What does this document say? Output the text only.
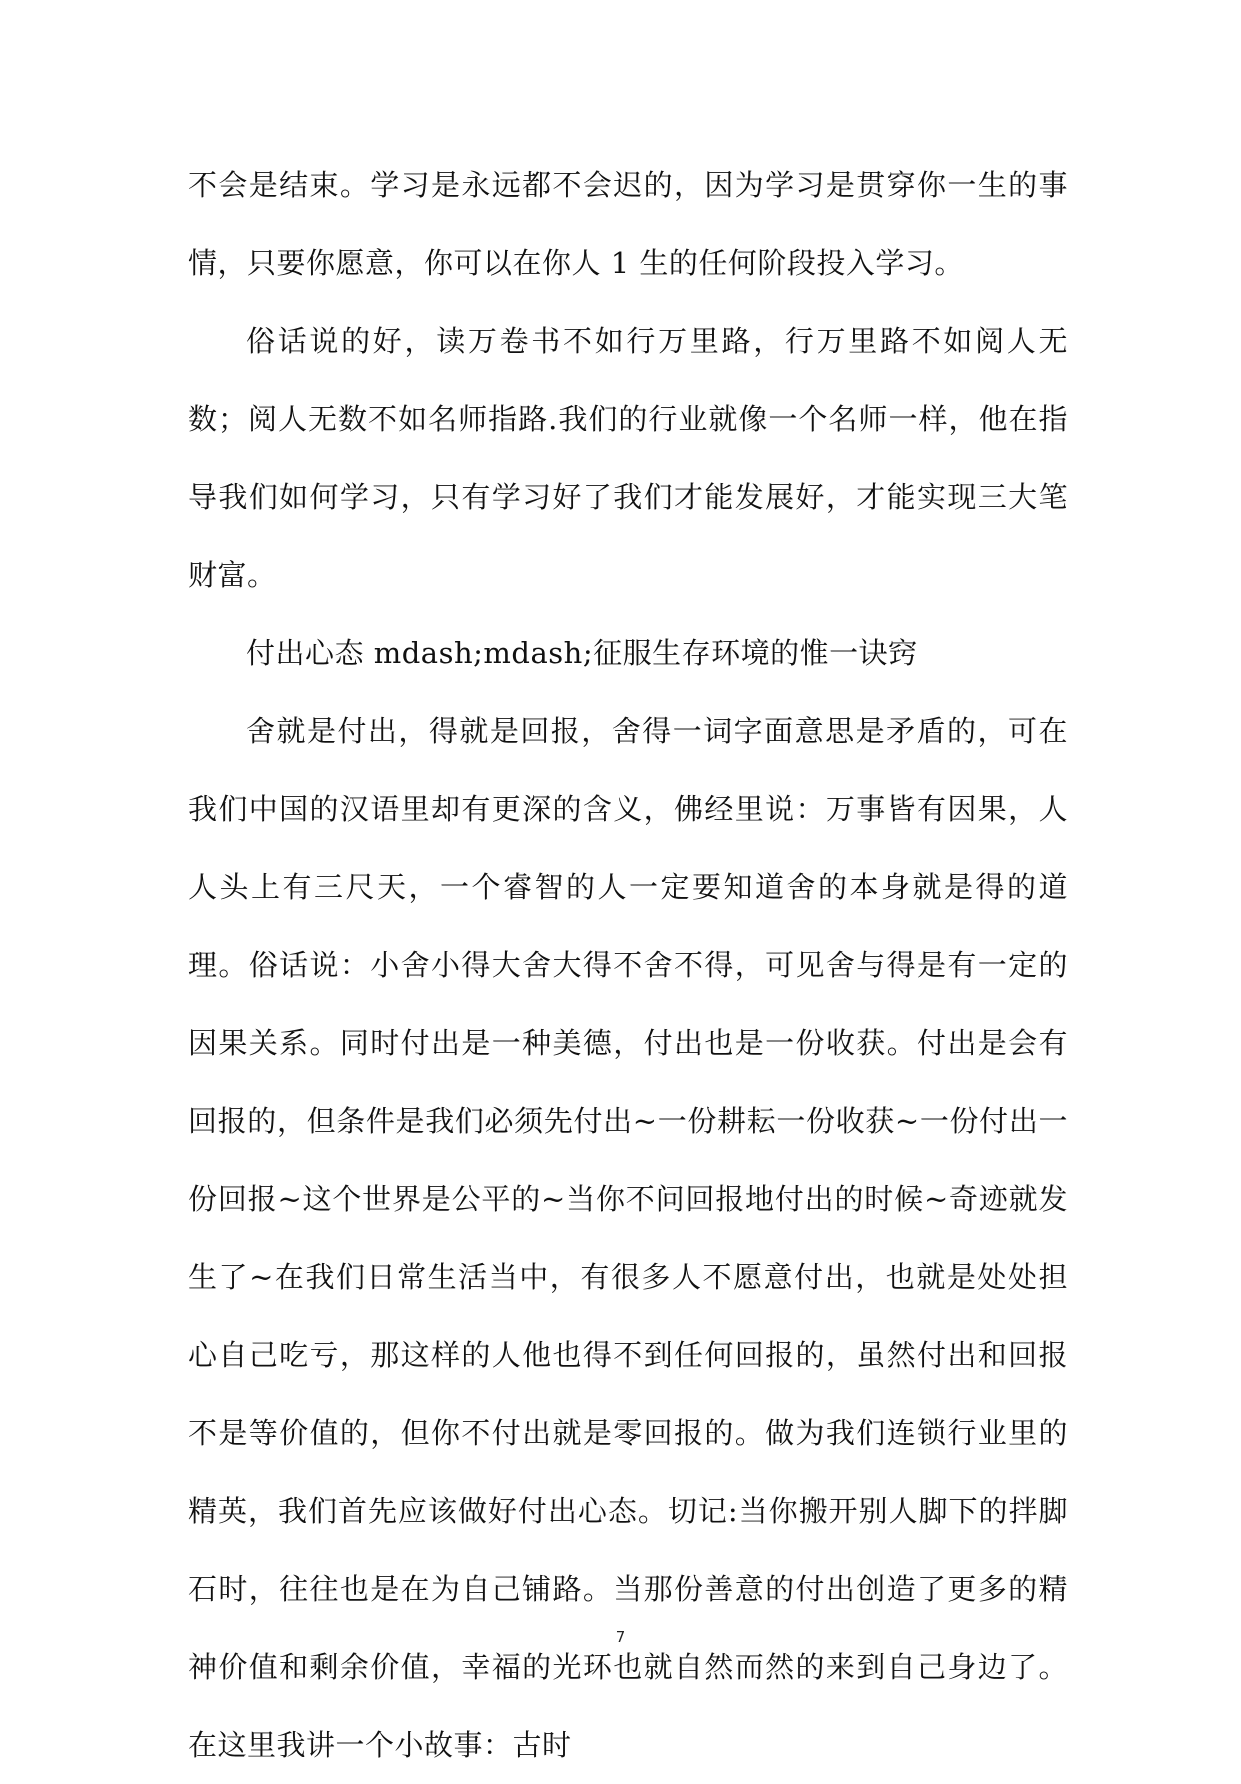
不会是结束。学习是永远都不会迟的，因为学习是贯穿你一生的事情，只要你愿意，你可以在你人 1 生的任何阶段投入学习。

俗话说的好，读万卷书不如行万里路，行万里路不如阅人无数；阅人无数不如名师指路.我们的行业就像一个名师一样，他在指导我们如何学习，只有学习好了我们才能发展好，才能实现三大笔财富。

付出心态 mdash;mdash;征服生存环境的惟一诀窍

舍就是付出，得就是回报，舍得一词字面意思是矛盾的，可在我们中国的汉语里却有更深的含义，佛经里说：万事皆有因果，人人头上有三尺天，一个睿智的人一定要知道舍的本身就是得的道理。俗话说：小舍小得大舍大得不舍不得，可见舍与得是有一定的因果关系。同时付出是一种美德，付出也是一份收获。付出是会有回报的，但条件是我们必须先付出~一份耕耘一份收获~一份付出一份回报~这个世界是公平的~当你不问回报地付出的时候~奇迹就发生了~在我们日常生活当中，有很多人不愿意付出，也就是处处担心自己吃亏，那这样的人他也得不到任何回报的，虽然付出和回报不是等价值的，但你不付出就是零回报的。做为我们连锁行业里的精英，我们首先应该做好付出心态。切记:当你搬开别人脚下的拌脚石时，往往也是在为自己铺路。当那份善意的付出创造了更多的精神价值和剩余价值，幸福的光环也就自然而然的来到自己身边了。在这里我讲一个小故事：古时

7
